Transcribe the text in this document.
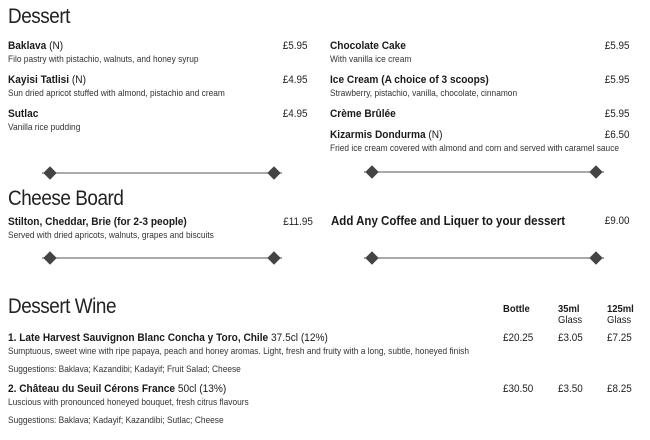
Dessert
Baklava (N)
Filo pastry with pistachio, walnuts, and honey syrup
£5.95
Kayisi Tatlisi (N)
Sun dried apricot stuffed with almond, pistachio and cream
£4.95
Sutlac
Vanilla rice pudding
£4.95
Chocolate Cake
With vanilla ice cream
£5.95
Ice Cream (A choice of 3 scoops)
Strawberry, pistachio, vanilla, chocolate, cinnamon
£5.95
Crème Brûlée	£5.95
Kizarmis Dondurma (N)
Fried ice cream covered with almond and corn and served with caramel sauce
£6.50
Cheese Board
Stilton, Cheddar, Brie (for 2-3 people)
Served with dried apricots, walnuts, grapes and biscuits
£11.95 Add Any Coffee and Liquer to your dessert	£9.00
Dessert Wine	Bottle	35ml
Glass
125ml
Glass
1. Late Harvest Sauvignon Blanc Concha y Toro, Chile 37.5cl (12%)
Sumptuous, sweet wine with ripe papaya, peach and honey aromas. Light, fresh and fruity with a long, subtle, honeyed finish
Suggestions: Baklava; Kazandibi; Kadayif; Fruit Salad; Cheese
£20.25 £3.05 £7.25
2. Château du Seuil Cérons France 50cl (13%)
Luscious with pronounced honeyed bouquet, fresh citrus flavours
Suggestions: Baklava; Kadayif; Kazandibi; Sutlac; Cheese
£30.50 £3.50 £8.25
